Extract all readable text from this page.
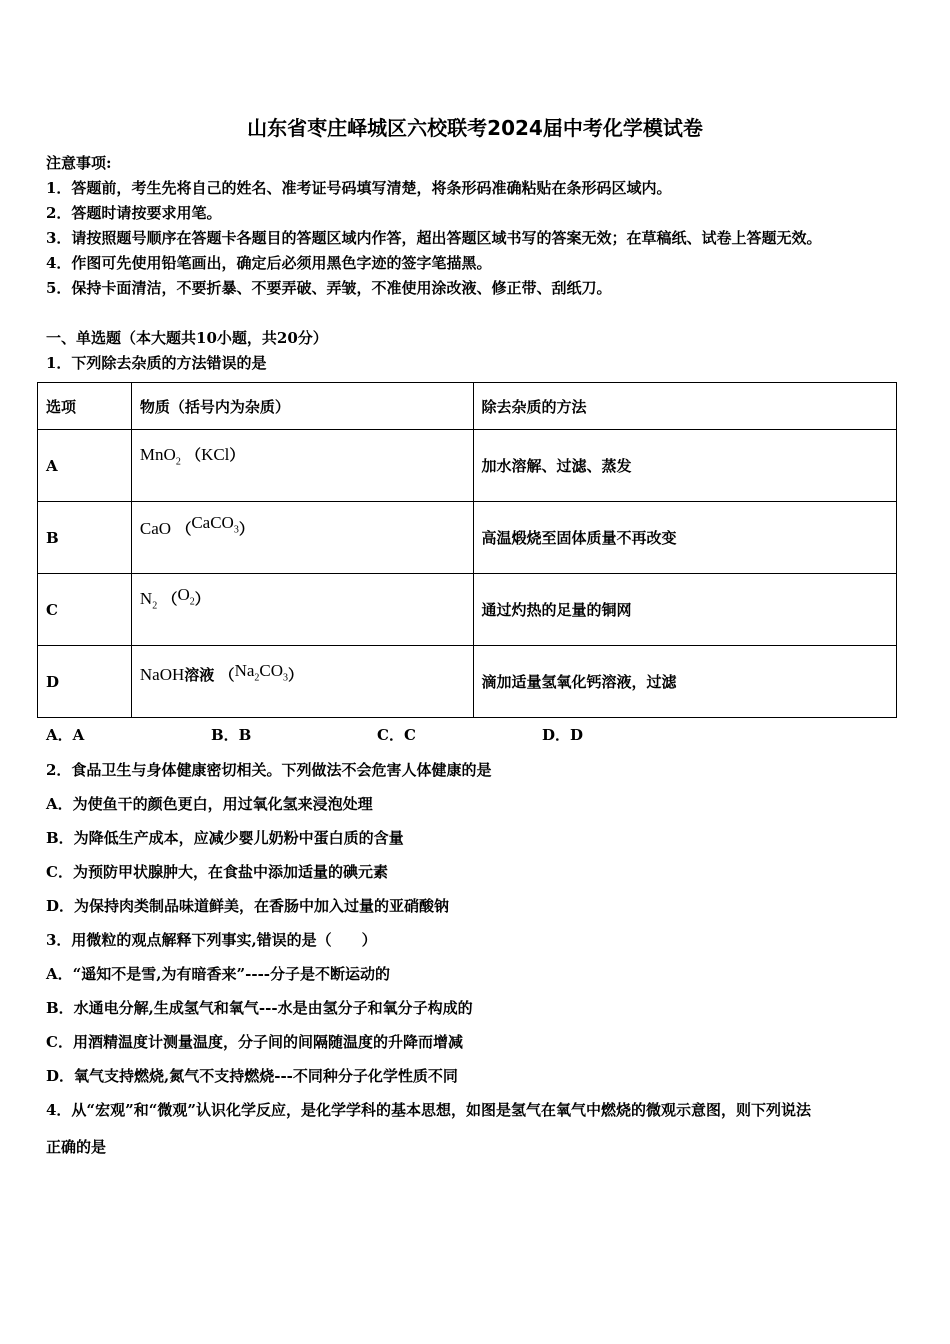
山东省枣庄峄城区六校联考2024届中考化学模试卷
注意事项:
1．答题前，考生先将自己的姓名、准考证号码填写清楚，将条形码准确粘贴在条形码区域内。
2．答题时请按要求用笔。
3．请按照题号顺序在答题卡各题目的答题区域内作答，超出答题区域书写的答案无效；在草稿纸、试卷上答题无效。
4．作图可先使用铅笔画出，确定后必须用黑色字迹的签字笔描黑。
5．保持卡面清洁，不要折暴、不要弄破、弄皱，不准使用涂改液、修正带、刮纸刀。
一、单选题（本大题共10小题，共20分）
1．下列除去杂质的方法错误的是
选项	物质（括号内为杂质）	除去杂质的方法
A	MnO$_2$ （KCl）	加水溶解、过滤、蒸发
B	CaO （CaCO$_3$）	高温煅烧至固体质量不再改变
C	$N_2$ $(O_2)$	通过灼热的足量的铜网
D	NaOH溶液 $(Na_2CO_3)$	滴加适量氢氧化钙溶液，过滤
A．A	B．B	C．C	D．D
2．食品卫生与身体健康密切相关。下列做法不会危害人体健康的是
A．为使鱼干的颜色更白，用过氧化氢来浸泡处理
B．为降低生产成本，应减少婴儿奶粉中蛋白质的含量
C．为预防甲状腺肿大，在食盐中添加适量的碘元素
D．为保持肉类制品味道鲜美，在香肠中加入过量的亚硝酸钠
3．用微粒的观点解释下列事实,错误的是（　　）
A．“遥知不是雪,为有暗香来”----分子是不断运动的
B．水通电分解,生成氢气和氧气---水是由氢分子和氧分子构成的
C．用酒精温度计测量温度，分子间的间隔随温度的升降而增减
D．氧气支持燃烧,氮气不支持燃烧---不同种分子化学性质不同
4．从“宏观”和“微观”认识化学反应，是化学学科的基本思想，如图是氢气在氧气中燃烧的微观示意图，则下列说法
正确的是
